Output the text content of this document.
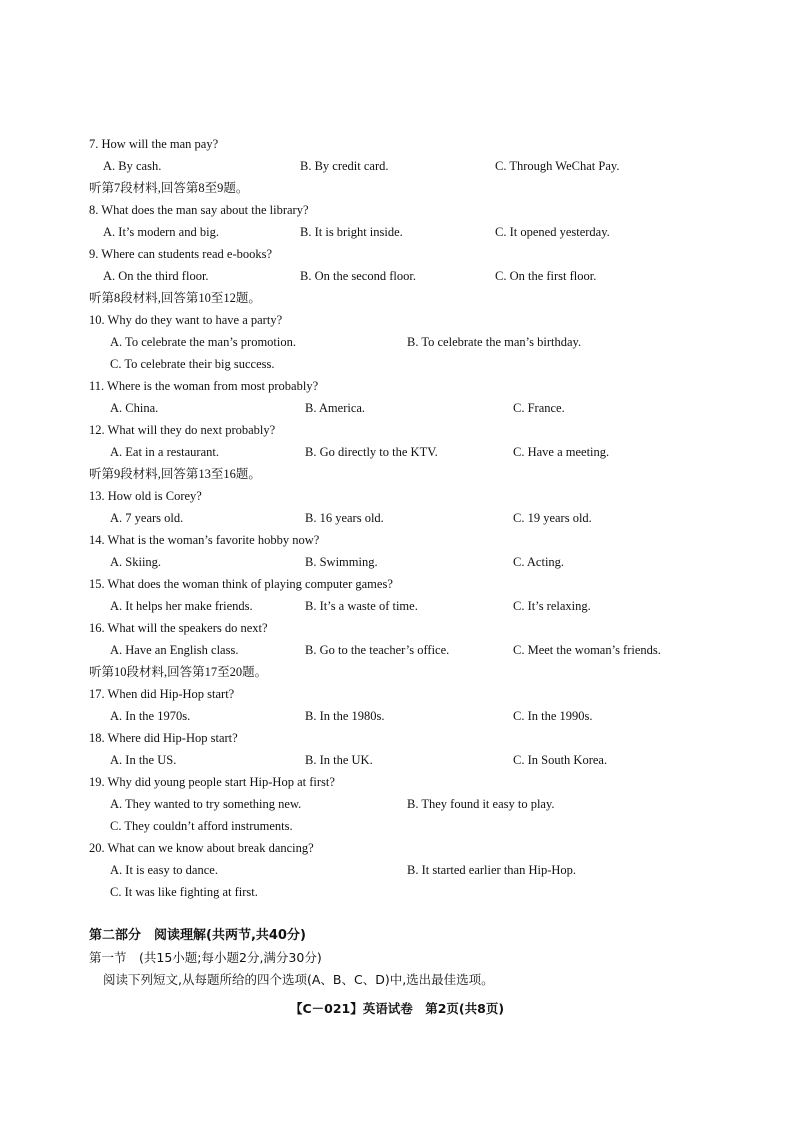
7. How will the man pay?
A. By cash.	B. By credit card.	C. Through WeChat Pay.
听第7段材料,回答第8至9题。
8. What does the man say about the library?
A. It’s modern and big.	B. It is bright inside.	C. It opened yesterday.
9. Where can students read e-books?
A. On the third floor.	B. On the second floor.	C. On the first floor.
听第8段材料,回答第10至12题。
10. Why do they want to have a party?
A. To celebrate the man’s promotion.	B. To celebrate the man’s birthday.
C. To celebrate their big success.
11. Where is the woman from most probably?
A. China.	B. America.	C. France.
12. What will they do next probably?
A. Eat in a restaurant.	B. Go directly to the KTV.	C. Have a meeting.
听第9段材料,回答第13至16题。
13. How old is Corey?
A. 7 years old.	B. 16 years old.	C. 19 years old.
14. What is the woman’s favorite hobby now?
A. Skiing.	B. Swimming.	C. Acting.
15. What does the woman think of playing computer games?
A. It helps her make friends.	B. It’s a waste of time.	C. It’s relaxing.
16. What will the speakers do next?
A. Have an English class.	B. Go to the teacher’s office.	C. Meet the woman’s friends.
听第10段材料,回答第17至20题。
17. When did Hip-Hop start?
A. In the 1970s.	B. In the 1980s.	C. In the 1990s.
18. Where did Hip-Hop start?
A. In the US.	B. In the UK.	C. In South Korea.
19. Why did young people start Hip-Hop at first?
A. They wanted to try something new.	B. They found it easy to play.
C. They couldn’t afford instruments.
20. What can we know about break dancing?
A. It is easy to dance.	B. It started earlier than Hip-Hop.
C. It was like fighting at first.
第二部分　阅读理解(共两节,共40分)
第一节　(共15小题;每小题2分,满分30分)
阅读下列短文,从每题所给的四个选项(A、B、C、D)中,选出最佳选项。
【C－021】英语试卷　第2页(共8页)
